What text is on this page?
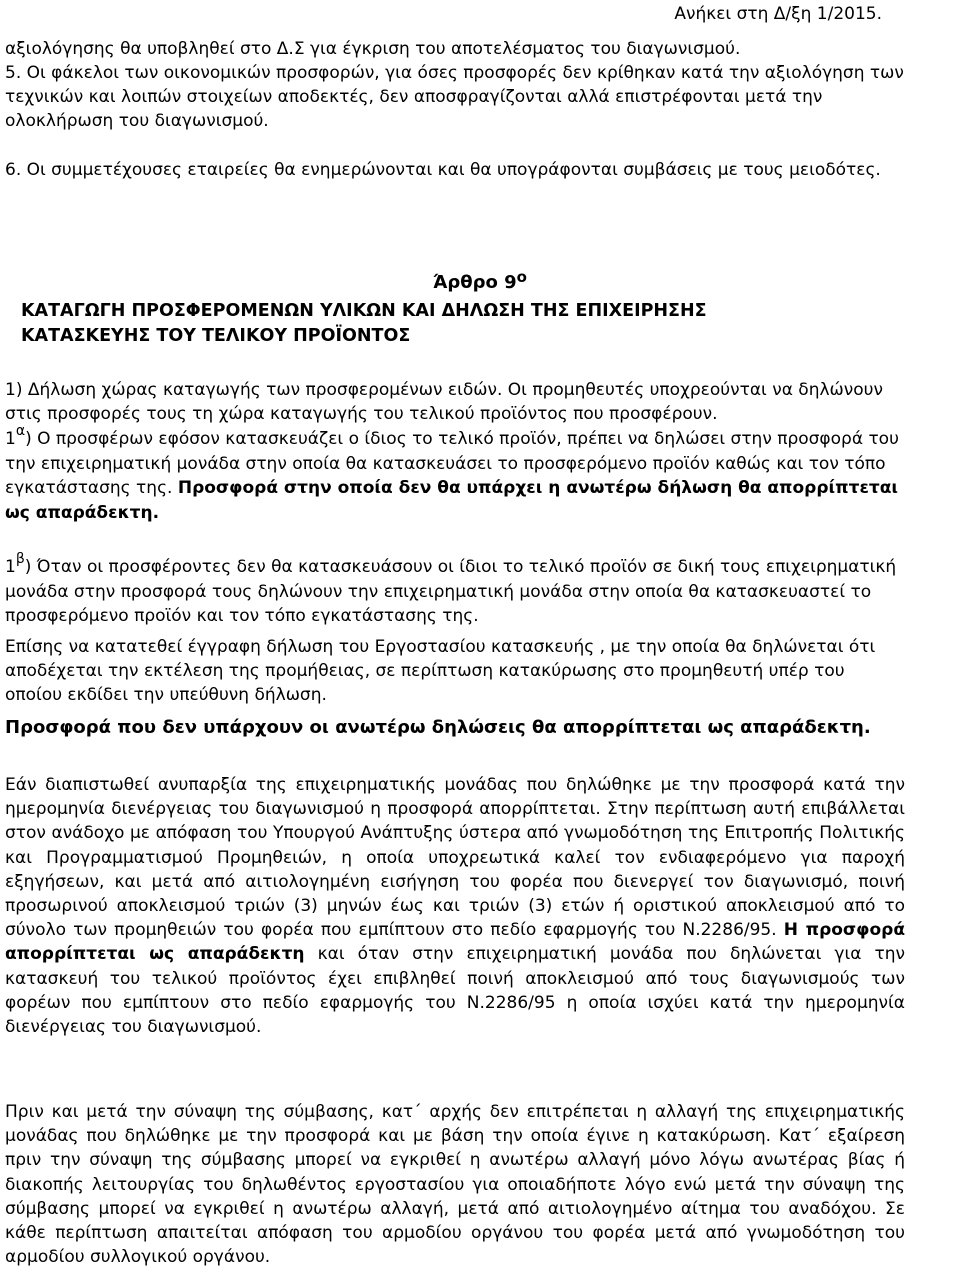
Ανήκει στη Δ/ξη 1/2015.
αξιολόγησης θα υποβληθεί στο Δ.Σ για έγκριση του αποτελέσματος του διαγωνισμού.
5. Οι φάκελοι των οικονομικών προσφορών, για όσες προσφορές δεν κρίθηκαν κατά την αξιολόγηση των τεχνικών και λοιπών στοιχείων αποδεκτές, δεν αποσφραγίζονται αλλά επιστρέφονται μετά την ολοκλήρωση του διαγωνισμού.
6. Οι συμμετέχουσες εταιρείες θα ενημερώνονται και θα υπογράφονται συμβάσεις με τους μειοδότες.
Άρθρο $9^o$
ΚΑΤΑΓΩΓΗ ΠΡΟΣΦΕΡΟΜΕΝΩΝ ΥΛΙΚΩΝ ΚΑΙ ΔΗΛΩΣΗ ΤΗΣ ΕΠΙΧΕΙΡΗΣΗΣ
ΚΑΤΑΣΚΕΥΗΣ ΤΟΥ ΤΕΛΙΚΟΥ ΠΡΟΪΟΝΤΟΣ
1) Δήλωση χώρας καταγωγής των προσφερομένων ειδών. Οι προμηθευτές υποχρεούνται να δηλώνουν στις προσφορές τους τη χώρα καταγωγής του τελικού προϊόντος που προσφέρουν.
$1^\alpha$) Ο προσφέρων εφόσον κατασκευάζει ο ίδιος το τελικό προϊόν, πρέπει να δηλώσει στην προσφορά του την επιχειρηματική μονάδα στην οποία θα κατασκευάσει το προσφερόμενο προϊόν καθώς και τον τόπο εγκατάστασης της. Προσφορά στην οποία δεν θα υπάρχει η ανωτέρω δήλωση θα απορρίπτεται ως απαράδεκτη.
$1^\beta$) Όταν οι προσφέροντες δεν θα κατασκευάσουν οι ίδιοι το τελικό προϊόν σε δική τους επιχειρηματική μονάδα στην προσφορά τους δηλώνουν την επιχειρηματική μονάδα στην οποία θα κατασκευαστεί το προσφερόμενο προϊόν και τον τόπο εγκατάστασης της.
Επίσης να κατατεθεί έγγραφη δήλωση του Εργοστασίου κατασκευής , με την οποία θα δηλώνεται ότι αποδέχεται την εκτέλεση της προμήθειας, σε περίπτωση κατακύρωσης στο προμηθευτή υπέρ του οποίου εκδίδει την υπεύθυνη δήλωση.
Προσφορά που δεν υπάρχουν οι ανωτέρω δηλώσεις θα απορρίπτεται ως απαράδεκτη.
Εάν διαπιστωθεί ανυπαρξία της επιχειρηματικής μονάδας που δηλώθηκε με την προσφορά κατά την ημερομηνία διενέργειας του διαγωνισμού η προσφορά απορρίπτεται. Στην περίπτωση αυτή επιβάλλεται στον ανάδοχο με απόφαση του Υπουργού Ανάπτυξης ύστερα από γνωμοδότηση της Επιτροπής Πολιτικής και Προγραμματισμού Προμηθειών, η οποία υποχρεωτικά καλεί τον ενδιαφερόμενο για παροχή εξηγήσεων, και μετά από αιτιολογημένη εισήγηση του φορέα που διενεργεί τον διαγωνισμό, ποινή προσωρινού αποκλεισμού τριών (3) μηνών έως και τριών (3) ετών ή οριστικού αποκλεισμού από το σύνολο των προμηθειών του φορέα που εμπίπτουν στο πεδίο εφαρμογής του Ν.2286/95. Η προσφορά απορρίπτεται ως απαράδεκτη και όταν στην επιχειρηματική μονάδα που δηλώνεται για την κατασκευή του τελικού προϊόντος έχει επιβληθεί ποινή αποκλεισμού από τους διαγωνισμούς των φορέων που εμπίπτουν στο πεδίο εφαρμογής του Ν.2286/95 η οποία ισχύει κατά την ημερομηνία διενέργειας του διαγωνισμού.
Πριν και μετά την σύναψη της σύμβασης, κατ΄ αρχής δεν επιτρέπεται η αλλαγή της επιχειρηματικής μονάδας που δηλώθηκε με την προσφορά και με βάση την οποία έγινε η κατακύρωση. Κατ΄ εξαίρεση πριν την σύναψη της σύμβασης μπορεί να εγκριθεί η ανωτέρω αλλαγή μόνο λόγω ανωτέρας βίας ή διακοπής λειτουργίας του δηλωθέντος εργοστασίου για οποιαδήποτε λόγο ενώ μετά την σύναψη της σύμβασης μπορεί να εγκριθεί η ανωτέρω αλλαγή, μετά από αιτιολογημένο αίτημα του αναδόχου. Σε κάθε περίπτωση απαιτείται απόφαση του αρμοδίου οργάνου του φορέα μετά από γνωμοδότηση του αρμοδίου συλλογικού οργάνου.
